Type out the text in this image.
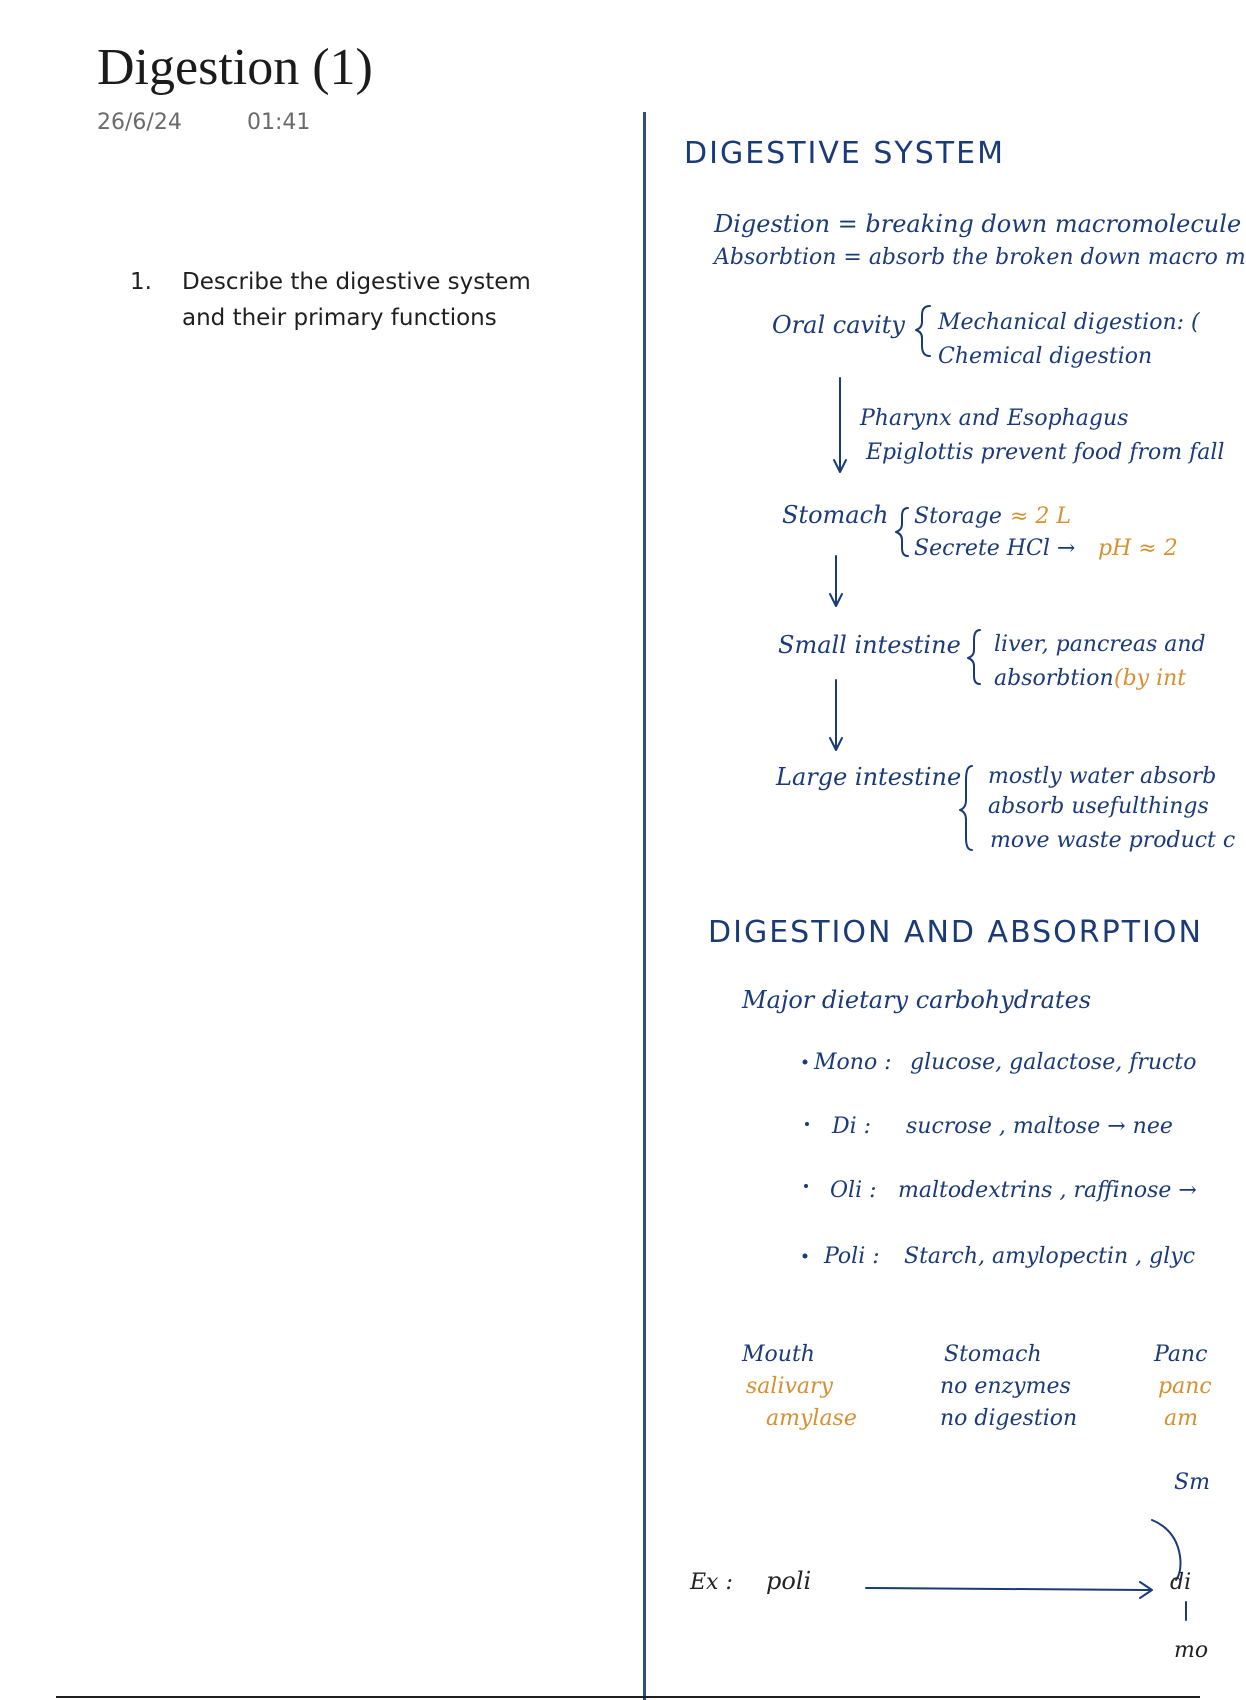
Digestion (1)
26/6/24	01:41
1. Describe the digestive system and their primary functions
DIGESTIVE SYSTEM
Digestion = breaking down macromolecule
Absorbtion = absorb the broken down macro m
Oral cavity Mechanical digestion: (
Chemical digestion
Pharynx and Esophagus
Epiglottis prevent food from fall
Stomach Storage ≈ 2 L
Secrete HCl → pH ≈ 2
Small intestine liver, pancreas and
absorbtion (by int
Large intestine mostly water absorb
absorb usefulthings
move waste product c
DIGESTION AND ABSORPTION
Major dietary carbohydrates
Mono : glucose, galactose, fructo
Di : sucrose , maltose → nee
Oli : maltodextrins , raffinose →
Poli : Starch, amylopectin , glyc
Mouth
salivary
amylase
Stomach
no enzymes
no digestion
Panc
panc
am
Sm
Ex : poli	di
mo
